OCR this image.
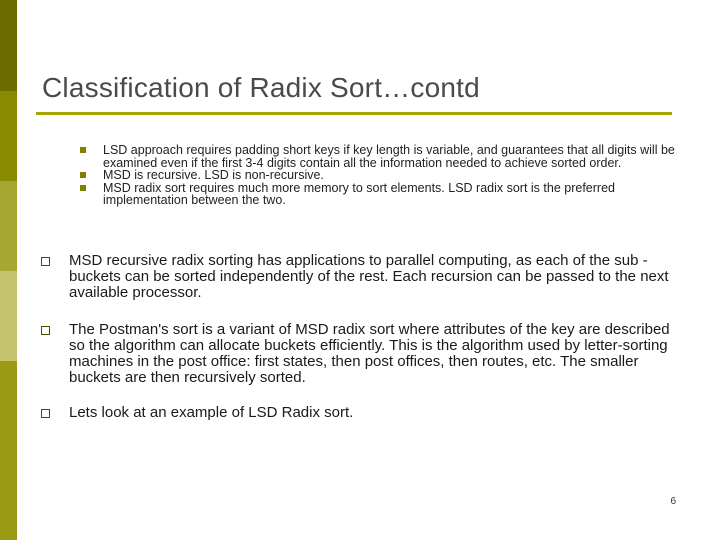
Classification of Radix Sort…contd
LSD approach requires padding short keys if key length is variable, and guarantees that all digits will be examined even if the first 3-4 digits contain all the information needed to achieve sorted order.
MSD is recursive. LSD is non-recursive.
MSD radix sort requires much more memory to sort elements. LSD radix sort is the preferred implementation between the two.
MSD recursive radix sorting has applications to parallel computing, as each of the sub -buckets can be sorted independently of the rest. Each recursion can be passed to the next available processor.
The Postman's sort is a variant of MSD radix sort where attributes of the key are described so the algorithm can allocate buckets efficiently. This is the algorithm used by letter-sorting machines in the post office: first states, then post offices, then routes, etc. The smaller buckets are then recursively sorted.
Lets look at an example of LSD Radix sort.
6
